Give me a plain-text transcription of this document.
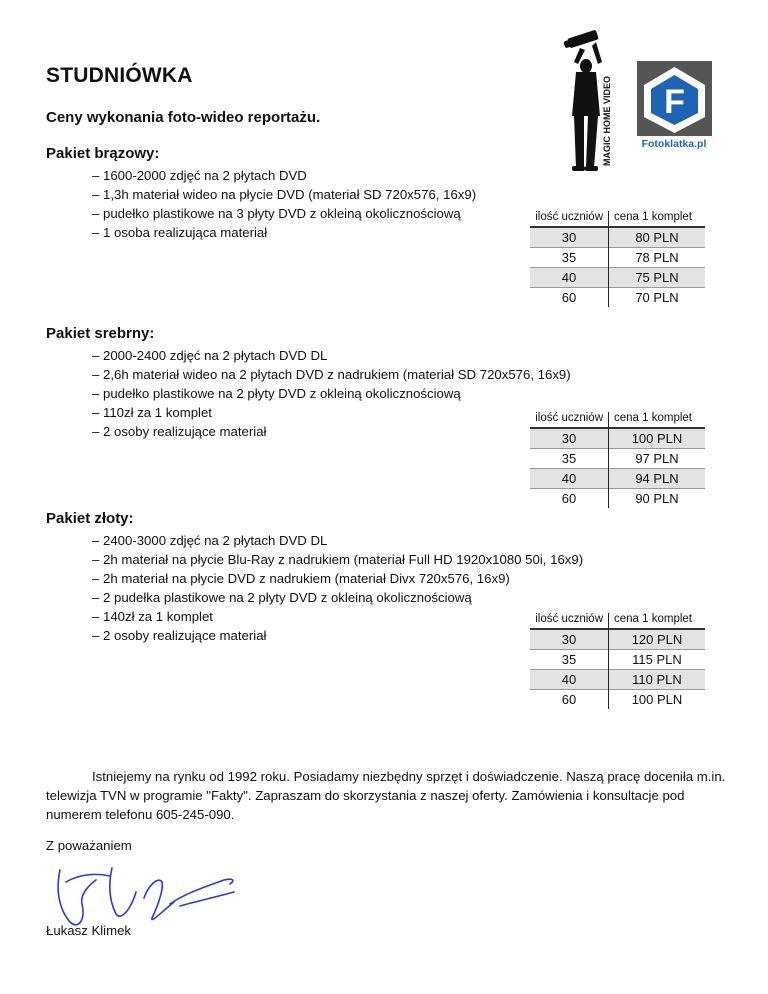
STUDNIÓWKA
Ceny wykonania foto-wideo reportażu.	MAGIC HOME VIDEO F
Fotoklatka.pl
Pakiet brązowy:
– 1600-2000 zdjęć na 2 płytach DVD
– 1,3h materiał wideo na płycie DVD (materiał SD 720x576, 16x9)
– pudełko plastikowe na 3 płyty DVD z okleiną okolicznościową
– 1 osoba realizująca materiał
ilość uczniów	cena 1 komplet
30	80 PLN
35	78 PLN
40	75 PLN
60	70 PLN
Pakiet srebrny:
– 2000-2400 zdjęć na 2 płytach DVD DL
– 2,6h materiał wideo na 2 płytach DVD z nadrukiem (materiał SD 720x576, 16x9)
– pudełko plastikowe na 2 płyty DVD z okleiną okolicznościową
– 110zł za 1 komplet
– 2 osoby realizujące materiał
ilość uczniów	cena 1 komplet
30	100 PLN
35	97 PLN
40	94 PLN
60	90 PLN
Pakiet złoty:
– 2400-3000 zdjęć na 2 płytach DVD DL
– 2h materiał na płycie Blu-Ray z nadrukiem (materiał Full HD 1920x1080 50i, 16x9)
– 2h materiał na płycie DVD z nadrukiem (materiał Divx 720x576, 16x9)
– 2 pudełka plastikowe na 2 płyty DVD z okleiną okolicznościową
– 140zł za 1 komplet
– 2 osoby realizujące materiał
ilość uczniów	cena 1 komplet
30	120 PLN
35	115 PLN
40	110 PLN
60	100 PLN
Istniejemy na rynku od 1992 roku. Posiadamy niezbędny sprzęt i doświadczenie. Naszą pracę doceniła m.in. telewizja TVN w programie "Fakty". Zapraszam do skorzystania z naszej oferty. Zamówienia i konsultacje pod numerem telefonu 605-245-090.
Z poważaniem
Łukasz Klimek
